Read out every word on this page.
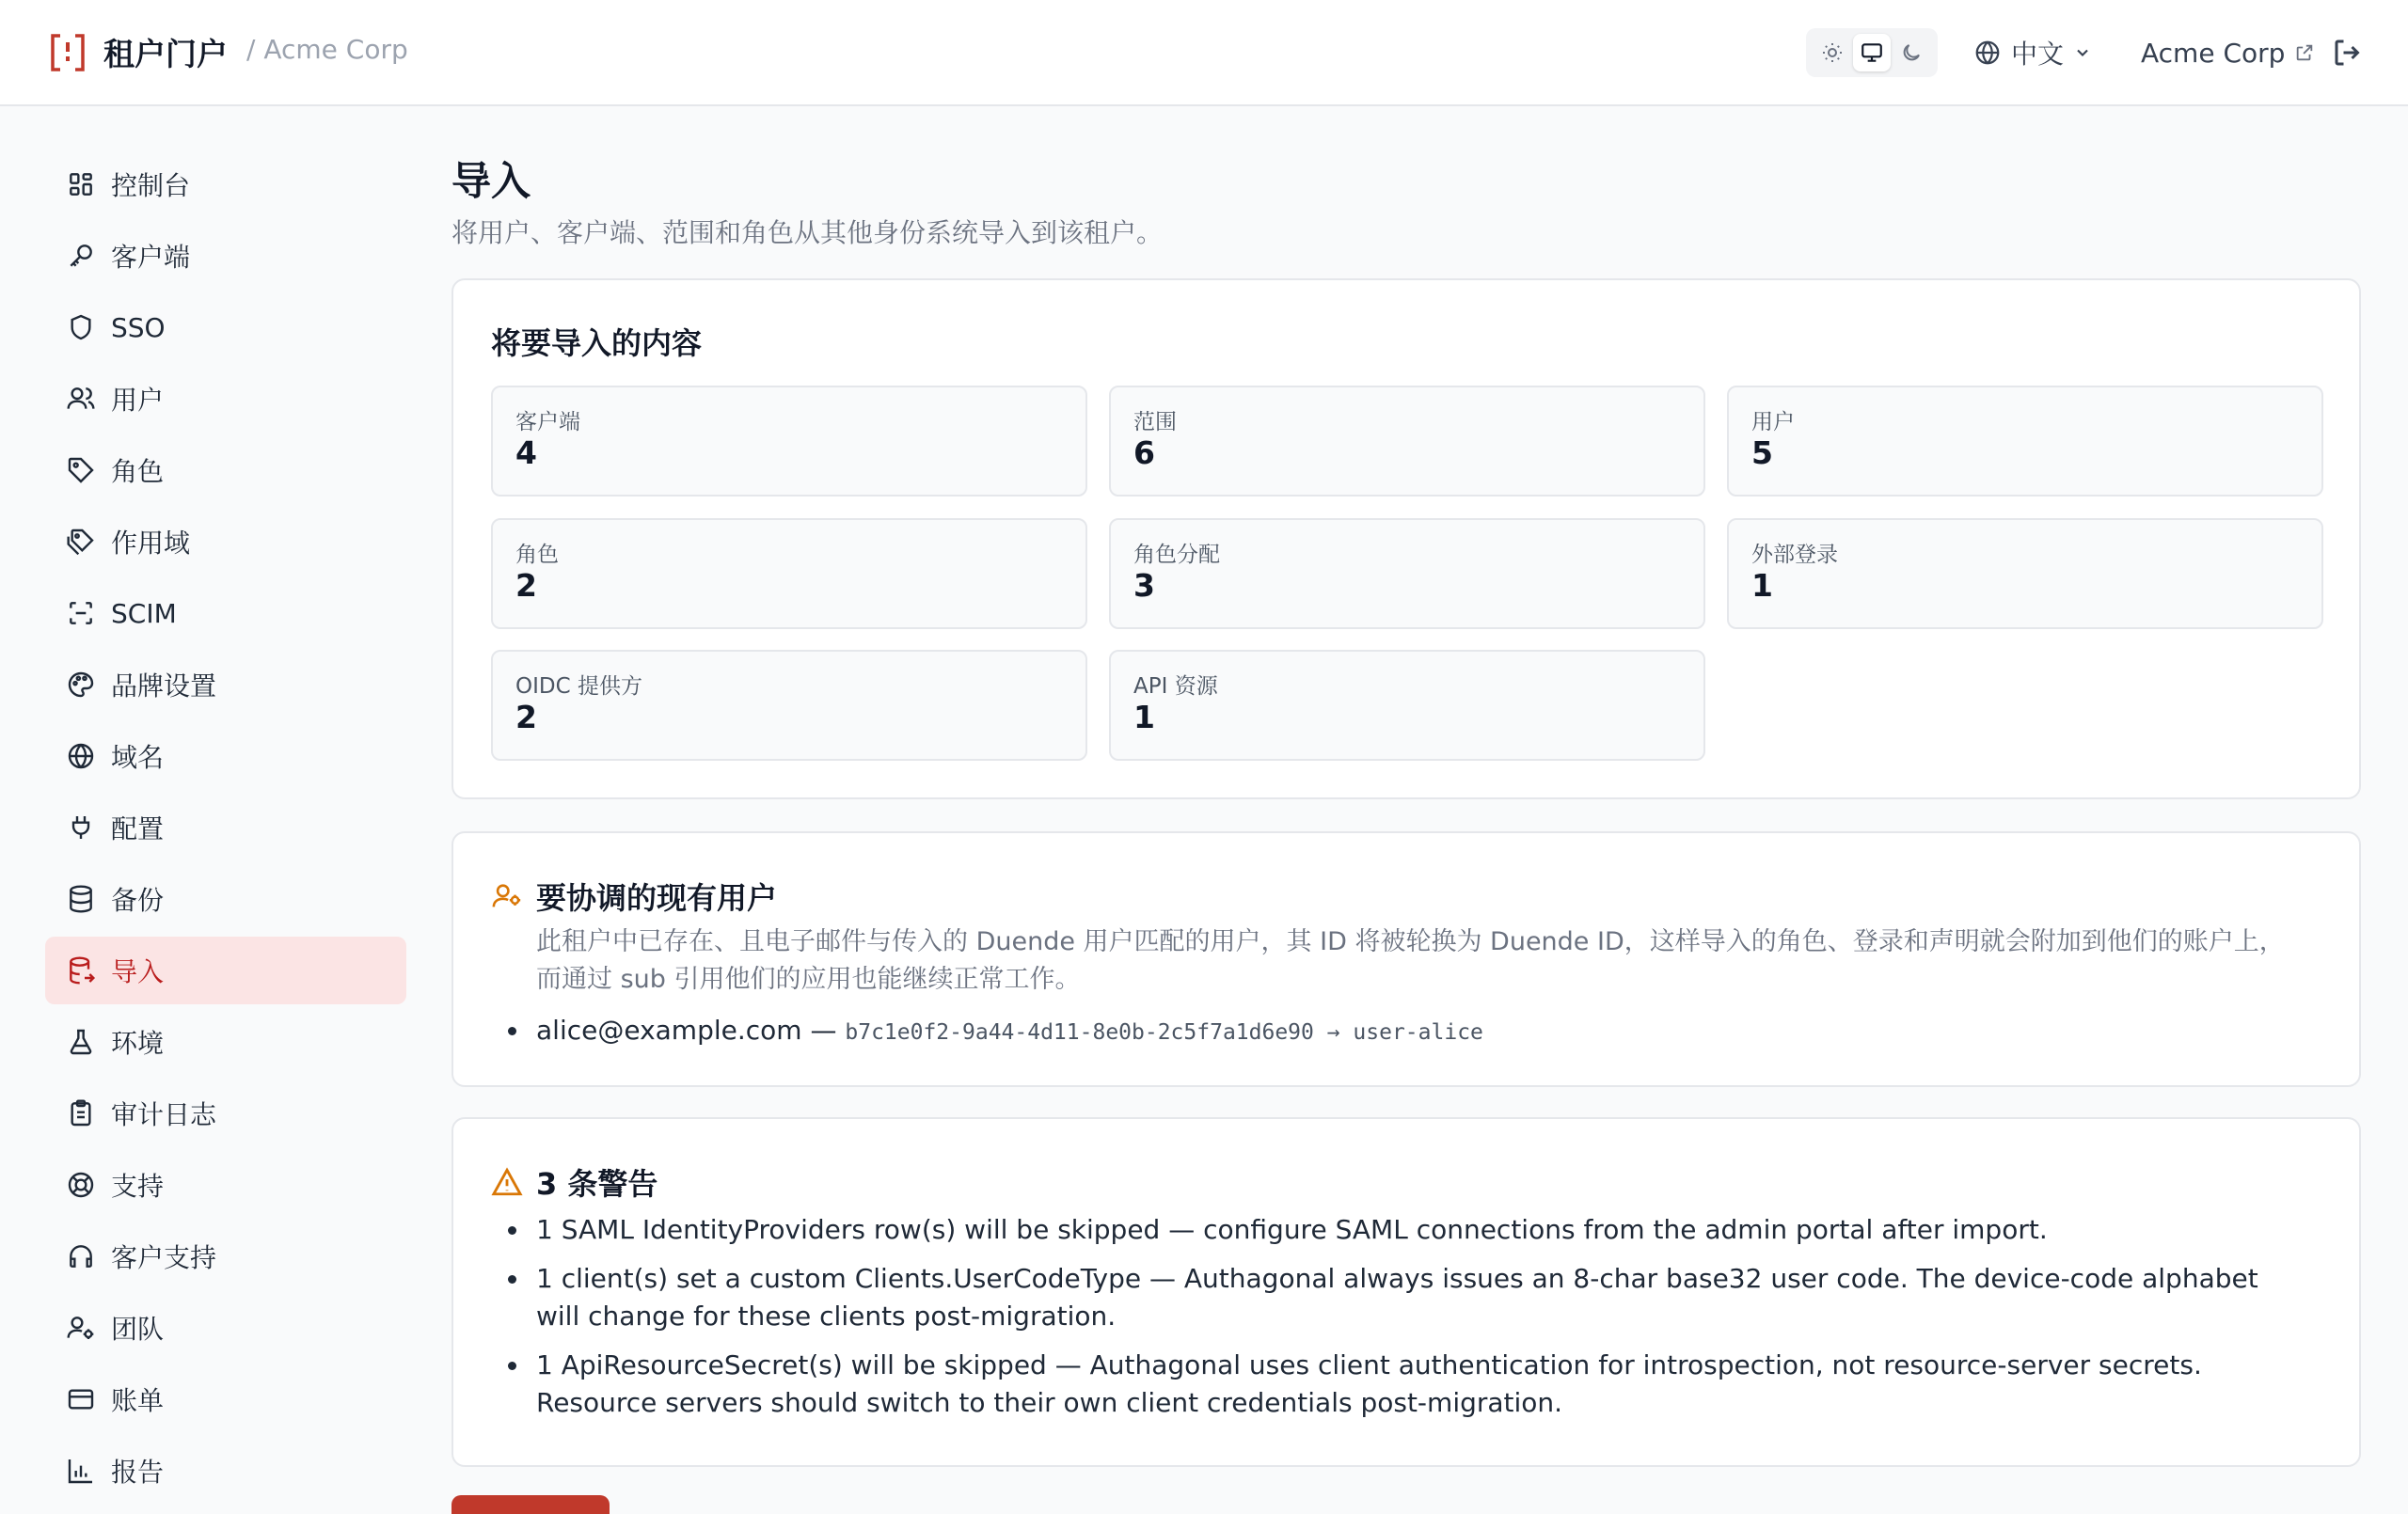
租户门户 / Acme Corp	中文	Acme Corp
控制台
客户端
SSO
用户
角色
作用域
SCIM
品牌设置
域名
配置
备份
导入
环境
审计日志
支持
客户支持
团队
账单
报告
导入

将用户、客户端、范围和角色从其他身份系统导入到该租户。

将要导入的内容
客户端
4
范围
6
用户
5
角色
2
角色分配
3
外部登录
1
OIDC 提供方
2
API 资源
1
要协调的现有用户

此租户中已存在、且电子邮件与传入的 Duende 用户匹配的用户，其 ID 将被轮换为 Duende ID，这样导入的角色、登录和声明就会附加到他们的账户上，而通过 sub 引用他们的应用也能继续正常工作。

alice@example.com — b7c1e0f2-9a44-4d11-8e0b-2c5f7a1d6e90 → user-alice
3 条警告
1 SAML IdentityProviders row(s) will be skipped — configure SAML connections from the admin portal after import.
1 client(s) set a custom Clients.UserCodeType — Authagonal always issues an 8-char base32 user code. The device-code alphabet will change for these clients post-migration.
1 ApiResourceSecret(s) will be skipped — Authagonal uses client authentication for introspection, not resource-server secrets. Resource servers should switch to their own client credentials post-migration.
